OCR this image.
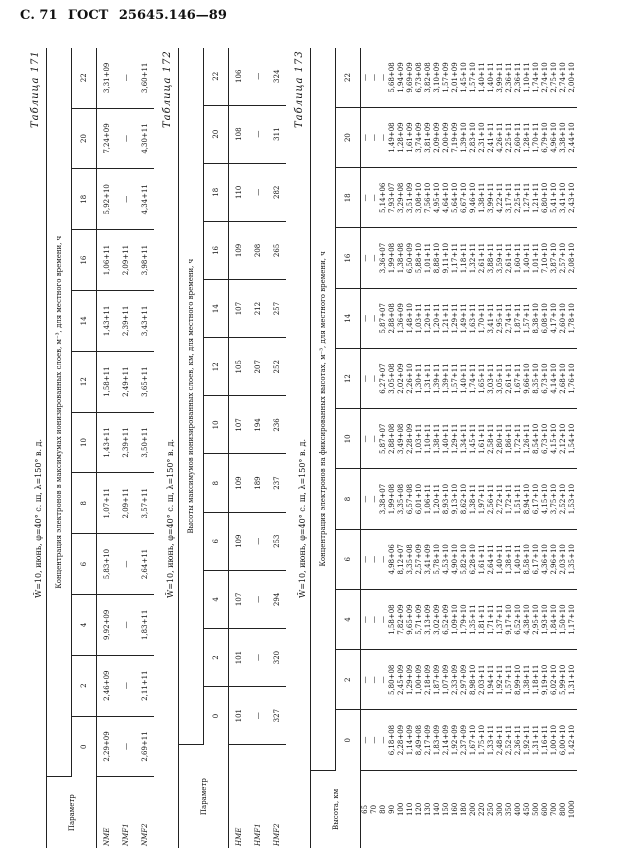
С. 71 ГОСТ 25645.146—89
Таблица 171
W̄=10, июнь, φ=40° с. ш, λ=150° в. д.
Параметр	Концентрация электронов в максимумах ионизированных слоев, м⁻³, для местного времени, ч											
	0	2	4	6	8	10	12	14	16	18	20	22
NME	2,29+09	2,46+09	9,92+09	5,83+10	1,07+11	1,43+11	1,58+11	1,43+11	1,06+11	5,92+10	7,24+09	3,31+09
NMF1	—	—	—	—	2,09+11	2,39+11	2,49+11	2,39+11	2,09+11	—	—	—
NMF2	2,69+11	2,11+11	1,83+11	2,64+11	3,57+11	3,50+11	3,65+11	3,43+11	3,98+11	4,34+11	4,30+11	3,60+11 Таблица 172
W̄=10, июнь, φ=40° с. ш, λ=150° в. д.
Параметр	Высоты максимумов ионизированных слоев, км, для местного времени, ч											
	0	2	4	6	8	10	12	14	16	18	20	22
HME	101	101	107	109	109	107	105	107	109	110	108	106
HMF1	—	—	—	—	189	194	207	212	208	—	—	—
HMF2	327	320	294	253	237	236	252	257	265	282	311	324 Таблица 173
W̄=10, июнь, φ=40° с. ш, λ=150° в. д.
Высота, км	Концентрация электронов на фиксированных высотах, м⁻³, для местного времени, ч											
	0	2	4	6	8	10	12	14	16	18	20	22
65	—	—	—	—	—	—	—	—	—	—	—	—
70	—	—	—	—	—	—	—	—	—	—	—	—
80	—	—	—	—	3,38+07	5,87+07	6,27+07	5,87+07	3,36+07	5,14+06	—	—
90	6,18+08	5,80+08	1,58+08	4,98+06	1,99+08	2,88+08	3,05+08	2,88+08	1,99+08	7,93+07	1,49+08	5,68+08
100	2,28+09	2,45+09	7,82+09	8,12+07	3,35+08	3,49+08	2,02+09	1,36+09	1,38+08	3,29+08	1,28+09	1,94+09
110	1,14+09	1,29+09	9,65+09	3,35+08	6,57+08	2,28+09	2,26+10	1,48+10	6,50+09	3,51+09	1,61+09	9,69+09
120	8,49+08	1,00+09	5,71+09	2,57+09	6,01+10	1,03+11	1,30+11	1,03+11	5,88+10	3,08+10	3,74+09	6,73+08
130	2,17+09	2,18+09	3,13+09	3,41+09	1,06+11	1,10+11	1,31+11	1,20+11	1,01+11	7,56+10	3,81+09	3,82+08
140	1,83+09	1,87+09	3,02+09	5,78+10	1,20+11	1,38+11	1,39+11	1,20+11	8,88+10	4,95+10	2,09+09	3,10+09
150	2,14+09	1,07+09	6,52+09	4,53+10	8,93+10	1,40+11	1,39+11	1,21+11	9,11+10	4,64+10	2,00+09	1,57+09
160	1,92+09	2,33+09	1,09+10	4,90+10	9,13+10	1,29+11	1,57+11	1,29+11	1,17+11	5,64+10	7,19+09	2,01+09
180	2,37+09	2,97+09	1,79+10	5,82+10	8,62+10	1,34+11	1,40+11	1,49+11	1,18+11	6,67+10	1,39+10	1,45+10
200	1,67+10	8,98+10	1,35+11	6,28+10	1,38+11	1,45+11	1,74+11	1,63+11	1,32+11	9,46+10	2,83+10	1,57+10
220	1,75+10	2,03+11	1,81+11	1,61+11	1,97+11	1,61+11	1,65+11	1,70+11	2,61+11	1,38+11	2,31+10	1,40+11
250	1,33+11	1,94+11	1,71+11	2,64+11	2,56+11	2,58+11	3,03+11	3,41+11	3,88+11	3,99+11	2,41+11	1,40+11
300	2,48+11	1,92+11	1,37+11	1,40+11	2,72+11	2,80+11	3,05+11	2,95+11	3,59+11	4,22+11	4,26+11	3,99+11
350	2,52+11	1,57+11	9,17+10	1,38+11	1,72+11	1,86+11	2,61+11	2,74+11	2,61+11	3,17+11	2,25+11	2,36+11
400	2,36+11	8,99+10	6,52+10	1,40+11	1,51+11	1,72+11	1,67+11	1,87+11	1,60+11	2,25+11	2,60+11	2,36+11
450	1,92+11	1,38+11	4,38+10	8,58+10	8,94+10	1,26+11	9,66+10	1,57+11	1,40+11	1,27+11	1,28+11	1,10+11
500	1,31+11	1,18+11	2,95+10	6,17+10	6,17+10	8,54+10	8,35+10	8,38+10	1,01+11	1,21+11	1,70+11	1,74+10
600	1,16+11	9,19+10	1,93+10	4,36+10	4,15+10	6,73+10	6,73+10	6,08+10	7,10+10	6,80+10	6,79+10	2,74+10
700	1,00+10	6,02+10	1,84+10	2,96+10	3,75+10	4,15+10	4,14+10	4,17+10	3,87+10	5,41+10	4,96+10	2,75+10
800	6,00+10	5,99+10	1,50+10	2,03+10	2,52+10	2,12+10	2,68+10	2,60+10	2,57+10	3,41+10	3,38+10	2,74+10
1000	1,42+10	1,31+10	1,17+10	1,35+10	1,53+10	1,54+10	1,76+10	1,78+10	2,08+10	2,43+10	2,44+10	2,00+10
